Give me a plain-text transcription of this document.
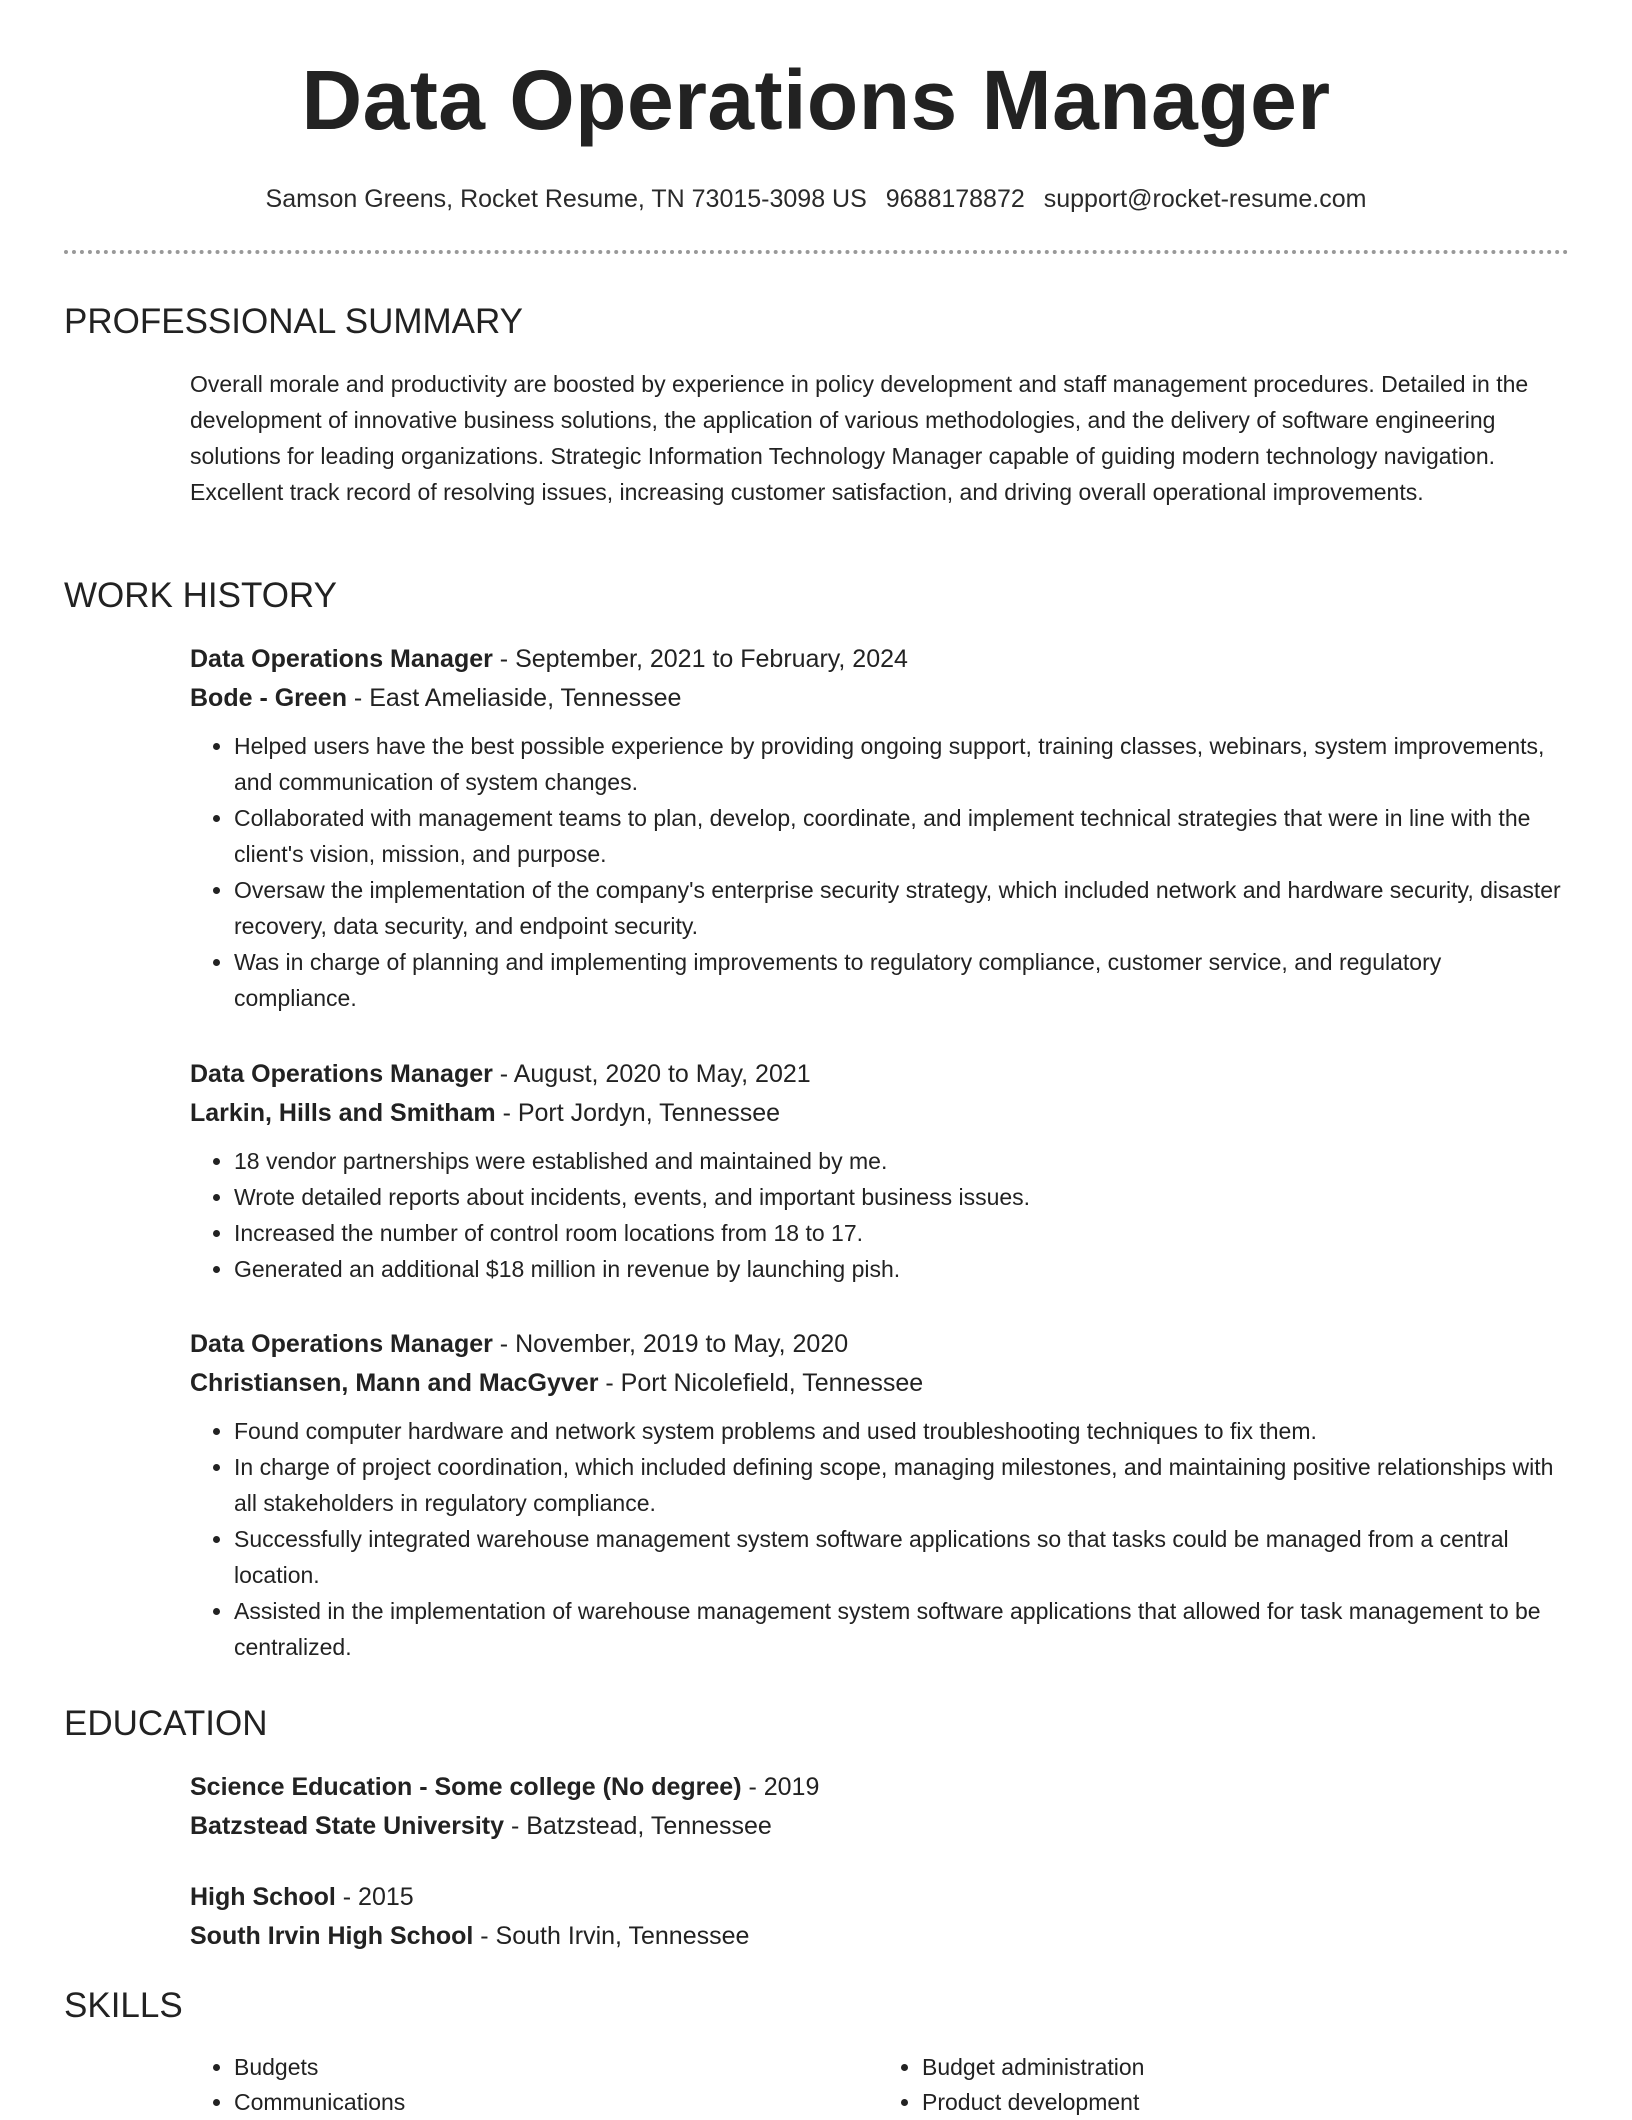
Data Operations Manager
Samson Greens, Rocket Resume, TN 73015-3098 US 9688178872 support@rocket-resume.com
PROFESSIONAL SUMMARY

Overall morale and productivity are boosted by experience in policy development and staff management procedures. Detailed in the development of innovative business solutions, the application of various methodologies, and the delivery of software engineering solutions for leading organizations. Strategic Information Technology Manager capable of guiding modern technology navigation. Excellent track record of resolving issues, increasing customer satisfaction, and driving overall operational improvements.

WORK HISTORY
Data Operations Manager - September, 2021 to February, 2024
Bode - Green - East Ameliaside, Tennessee
• Helped users have the best possible experience by providing ongoing support, training classes, webinars, system improvements, and communication of system changes.
• Collaborated with management teams to plan, develop, coordinate, and implement technical strategies that were in line with the client's vision, mission, and purpose.
• Oversaw the implementation of the company's enterprise security strategy, which included network and hardware security, disaster recovery, data security, and endpoint security.
• Was in charge of planning and implementing improvements to regulatory compliance, customer service, and regulatory compliance.
Data Operations Manager - August, 2020 to May, 2021
Larkin, Hills and Smitham - Port Jordyn, Tennessee
• 18 vendor partnerships were established and maintained by me.
• Wrote detailed reports about incidents, events, and important business issues.
• Increased the number of control room locations from 18 to 17.
• Generated an additional $18 million in revenue by launching pish.
Data Operations Manager - November, 2019 to May, 2020
Christiansen, Mann and MacGyver - Port Nicolefield, Tennessee
• Found computer hardware and network system problems and used troubleshooting techniques to fix them.
• In charge of project coordination, which included defining scope, managing milestones, and maintaining positive relationships with all stakeholders in regulatory compliance.
• Successfully integrated warehouse management system software applications so that tasks could be managed from a central location.
• Assisted in the implementation of warehouse management system software applications that allowed for task management to be centralized.
EDUCATION
Science Education - Some college (No degree) - 2019
Batzstead State University - Batzstead, Tennessee
High School - 2015
South Irvin High School - South Irvin, Tennessee
SKILLS
• Budgets
• Communications
• Budget administration
• Product development
